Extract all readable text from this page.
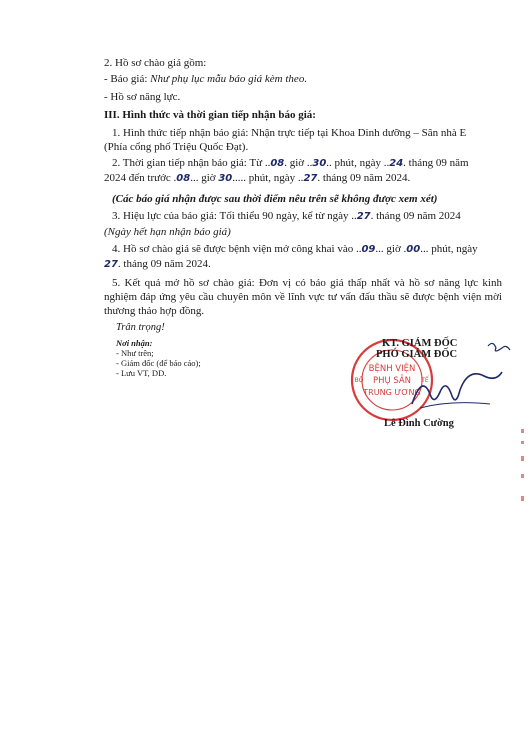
2. Hồ sơ chào giá gồm:
- Báo giá: Như phụ lục mẫu báo giá kèm theo.
- Hồ sơ năng lực.
III. Hình thức và thời gian tiếp nhận báo giá:
1. Hình thức tiếp nhận báo giá: Nhận trực tiếp tại Khoa Dinh dưỡng – Sân nhà E
(Phía cổng phố Triệu Quốc Đạt).
2. Thời gian tiếp nhận báo giá: Từ ..08. giờ ..30.. phút, ngày ..24. tháng 09 năm
2024 đến trước .08... giờ 30..... phút, ngày ..27. tháng 09 năm 2024.
(Các báo giá nhận được sau thời điểm nêu trên sẽ không được xem xét)
3. Hiệu lực của báo giá: Tối thiểu 90 ngày, kể từ ngày ..27. tháng 09 năm 2024
(Ngày hết hạn nhận báo giá)
4. Hồ sơ chào giá sẽ được bệnh viện mở công khai vào ..09... giờ .00... phút, ngày
27. tháng 09 năm 2024.
5. Kết quả mở hồ sơ chào giá: Đơn vị có báo giá thấp nhất và hồ sơ năng lực kinh nghiệm đáp ứng yêu cầu chuyên môn về lĩnh vực tư vấn đấu thầu sẽ được bệnh viện mời thương thảo hợp đồng.
Trân trọng!
Nơi nhận:
- Như trên;
- Giám đốc (để báo cáo);
- Lưu VT, DD.	BỆNH VIỆN
PHỤ SẢN
TRUNG ƯƠNG
BỘ	TẾ
KT. GIÁM ĐỐC
PHÓ GIÁM ĐỐC
Lê Đình Cường
